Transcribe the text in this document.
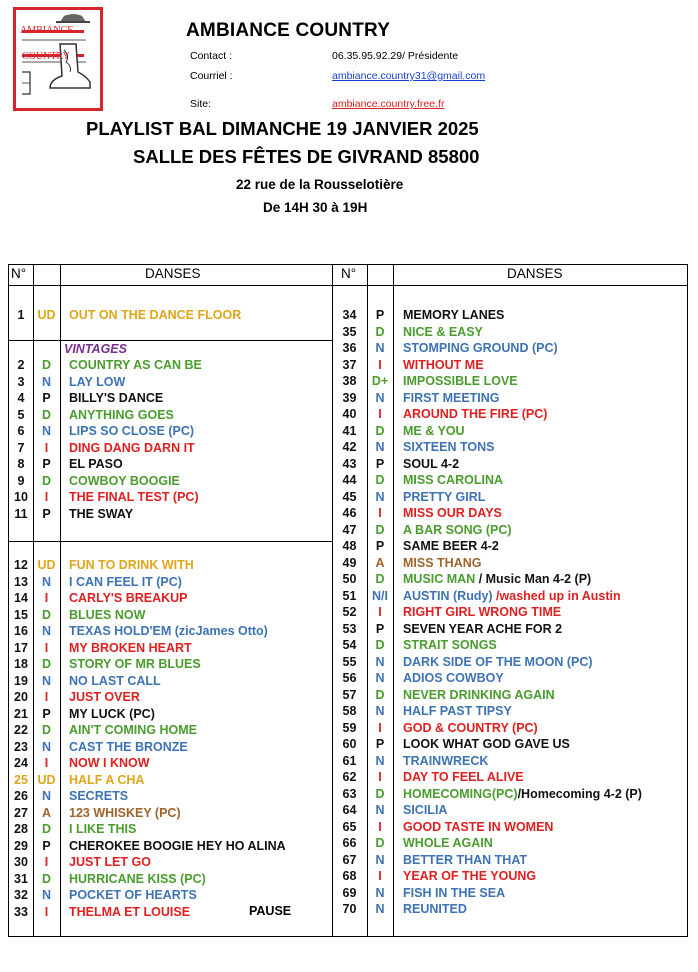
AMBIANCE
COUNTRY
AMBIANCE COUNTRY
Contact :	06.35.95.92.29/ Présidente
Courriel :	ambiance.country31@gmail.com
Site:	ambiance.country.free.fr
PLAYLIST BAL DIMANCHE 19 JANVIER 2025
SALLE DES FÊTES DE GIVRAND 85800
22 rue de la Rousselotière
De 14H 30 à 19H
N°	DANSES	N°	DANSES
VINTAGES
1	UD	OUT ON THE DANCE FLOOR
2	D	COUNTRY AS CAN BE
3	N	LAY LOW
4	P	BILLY'S DANCE
5	D	ANYTHING GOES
6	N	LIPS SO CLOSE (PC)
7	I	DING DANG DARN IT
8	P	EL PASO
9	D	COWBOY BOOGIE
10	I	THE FINAL TEST (PC)
11	P	THE SWAY
12 UD	FUN TO DRINK WITH
13	N	I CAN FEEL IT (PC)
14	I	CARLY'S BREAKUP
15	D	BLUES NOW
16	N	TEXAS HOLD'EM (zicJames Otto)
17	I	MY BROKEN HEART
18	D	STORY OF MR BLUES
19	N	NO LAST CALL
20	I	JUST OVER
21	P	MY LUCK (PC)
22	D	AIN'T COMING HOME
23	N	CAST THE BRONZE
24	I	NOW I KNOW
25 UD	HALF A CHA
26	N	SECRETS
27	A	123 WHISKEY (PC)
28	D	I LIKE THIS
29	P	CHEROKEE BOOGIE HEY HO ALINA
30	I	JUST LET GO
31	D	HURRICANE KISS (PC)
32	N	POCKET OF HEARTS
33	I	THELMA ET LOUISE
34	P	MEMORY LANES
35	D	NICE & EASY
36	N	STOMPING GROUND (PC)
37	I	WITHOUT ME
38	D+	IMPOSSIBLE LOVE
39	N	FIRST MEETING
40	I	AROUND THE FIRE (PC)
41	D	ME & YOU
42	N	SIXTEEN TONS
43	P	SOUL 4-2
44	D	MISS CAROLINA
45	N	PRETTY GIRL
46	I	MISS OUR DAYS
47	D	A BAR SONG (PC)
48	P	SAME BEER 4-2
49	A	MISS THANG
50	D	MUSIC MAN / Music Man 4-2 (P)
51	N/I	AUSTIN (Rudy) /washed up in Austin
52	I	RIGHT GIRL WRONG TIME
53	P	SEVEN YEAR ACHE FOR 2
54	D	STRAIT SONGS
55	N	DARK SIDE OF THE MOON (PC)
56	N	ADIOS COWBOY
57	D	NEVER DRINKING AGAIN
58	N	HALF PAST TIPSY
59	I	GOD & COUNTRY (PC)
60	P	LOOK WHAT GOD GAVE US
61	N	TRAINWRECK
62	I	DAY TO FEEL ALIVE
63	D	HOMECOMING(PC)/Homecoming 4-2 (P)
64	N	SICILIA
65	I	GOOD TASTE IN WOMEN
66	D	WHOLE AGAIN
67	N	BETTER THAN THAT
68	I	YEAR OF THE YOUNG
69	N	FISH IN THE SEA
70	N	REUNITED
PAUSE
